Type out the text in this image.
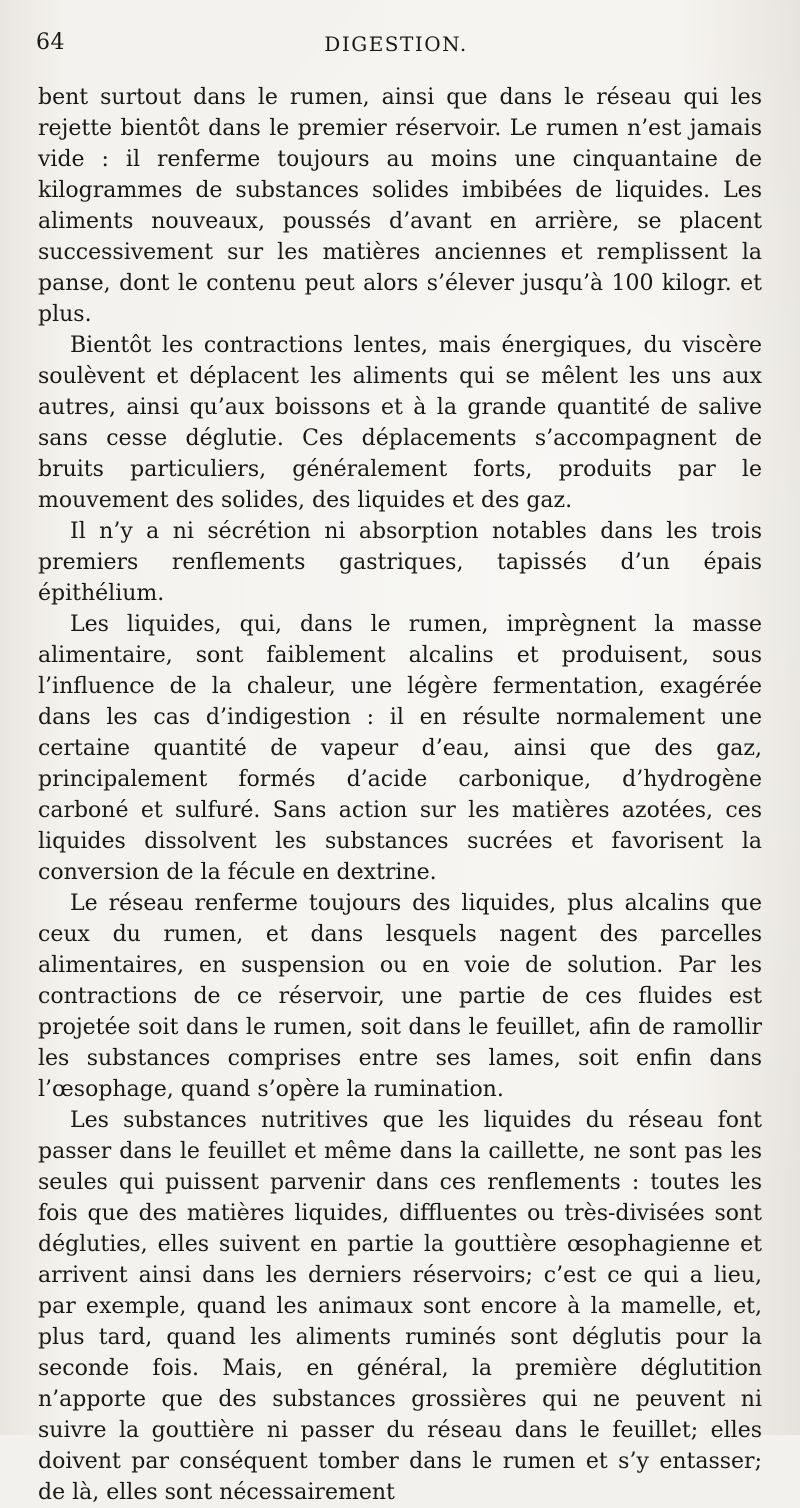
64	DIGESTION.

bent surtout dans le rumen, ainsi que dans le réseau qui les rejette bientôt dans le premier réservoir. Le rumen n’est jamais vide : il renferme toujours au moins une cinquantaine de kilogrammes de substances solides imbibées de liquides. Les aliments nouveaux, poussés d’avant en arrière, se placent successivement sur les matières anciennes et remplissent la panse, dont le contenu peut alors s’élever jusqu’à 100 kilogr. et plus.

Bientôt les contractions lentes, mais énergiques, du viscère soulèvent et déplacent les aliments qui se mêlent les uns aux autres, ainsi qu’aux boissons et à la grande quantité de salive sans cesse déglutie. Ces déplacements s’accompagnent de bruits particuliers, généralement forts, produits par le mouvement des solides, des liquides et des gaz.

Il n’y a ni sécrétion ni absorption notables dans les trois premiers renflements gastriques, tapissés d’un épais épithélium.

Les liquides, qui, dans le rumen, imprègnent la masse alimentaire, sont faiblement alcalins et produisent, sous l’influence de la chaleur, une légère fermentation, exagérée dans les cas d’indigestion : il en résulte normalement une certaine quantité de vapeur d’eau, ainsi que des gaz, principalement formés d’acide carbonique, d’hydrogène carboné et sulfuré. Sans action sur les matières azotées, ces liquides dissolvent les substances sucrées et favorisent la conversion de la fécule en dextrine.

Le réseau renferme toujours des liquides, plus alcalins que ceux du rumen, et dans lesquels nagent des parcelles alimentaires, en suspension ou en voie de solution. Par les contractions de ce réservoir, une partie de ces fluides est projetée soit dans le rumen, soit dans le feuillet, afin de ramollir les substances comprises entre ses lames, soit enfin dans l’œsophage, quand s’opère la rumination.

Les substances nutritives que les liquides du réseau font passer dans le feuillet et même dans la caillette, ne sont pas les seules qui puissent parvenir dans ces renflements : toutes les fois que des matières liquides, diffluentes ou très-divisées sont dégluties, elles suivent en partie la gouttière œsophagienne et arrivent ainsi dans les derniers réservoirs; c’est ce qui a lieu, par exemple, quand les animaux sont encore à la mamelle, et, plus tard, quand les aliments ruminés sont déglutis pour la seconde fois. Mais, en général, la première déglutition n’apporte que des substances grossières qui ne peuvent ni suivre la gouttière ni passer du réseau dans le feuillet; elles doivent par conséquent tomber dans le rumen et s’y entasser; de là, elles sont nécessairement
